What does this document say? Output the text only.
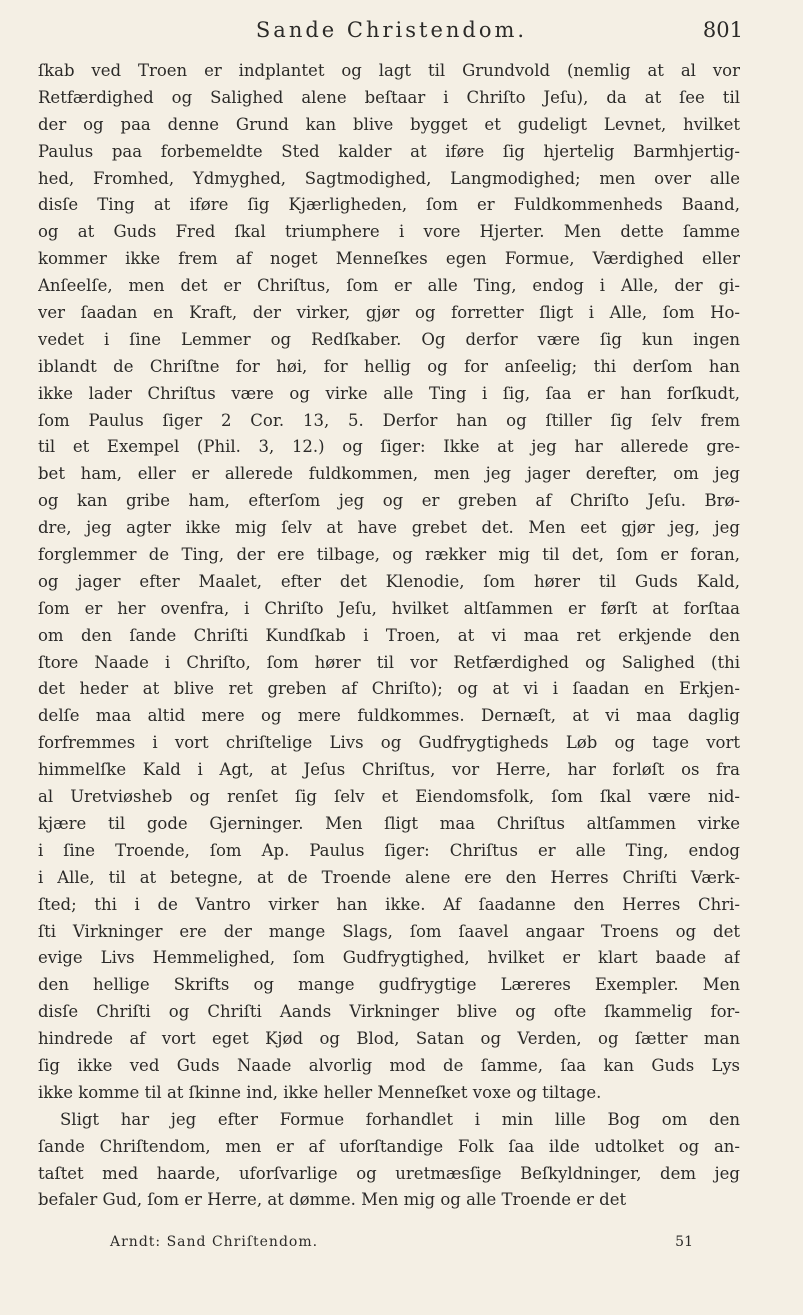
Sande Christendom.	801
ſkab ved Troen er indplantet og lagt til Grundvold (nemlig at al vor
Retfærdighed og Salighed alene beſtaar i Chriſto Jeſu), da at ſee til
der og paa denne Grund kan blive bygget et gudeligt Levnet, hvilket
Paulus paa forbemeldte Sted kalder at iføre ſig hjertelig Barmhjertig-
hed, Fromhed, Ydmyghed, Sagtmodighed, Langmodighed; men over alle
disſe Ting at iføre ſig Kjærligheden, ſom er Fuldkommenheds Baand,
og at Guds Fred ſkal triumphere i vore Hjerter. Men dette ſamme
kommer ikke frem af noget Menneſkes egen Formue, Værdighed eller
Anſeelſe, men det er Chriſtus, ſom er alle Ting, endog i Alle, der gi-
ver ſaadan en Kraft, der virker, gjør og forretter ſligt i Alle, ſom Ho-
vedet i ſine Lemmer og Redſkaber. Og derfor være ſig kun ingen
iblandt de Chriſtne for høi, for hellig og for anſeelig; thi derſom han
ikke lader Chriſtus være og virke alle Ting i ſig, ſaa er han forſkudt,
ſom Paulus ſiger 2 Cor. 13, 5. Derfor han og ſtiller ſig ſelv frem
til et Exempel (Phil. 3, 12.) og ſiger: Ikke at jeg har allerede gre-
bet ham, eller er allerede fuldkommen, men jeg jager derefter, om jeg
og kan gribe ham, efterſom jeg og er greben af Chriſto Jeſu. Brø-
dre, jeg agter ikke mig ſelv at have grebet det. Men eet gjør jeg, jeg
forglemmer de Ting, der ere tilbage, og rækker mig til det, ſom er foran,
og jager efter Maalet, efter det Klenodie, ſom hører til Guds Kald,
ſom er her ovenfra, i Chriſto Jeſu, hvilket altſammen er førſt at forſtaa
om den ſande Chriſti Kundſkab i Troen, at vi maa ret erkjende den
ſtore Naade i Chriſto, ſom hører til vor Retfærdighed og Salighed (thi
det heder at blive ret greben af Chriſto); og at vi i ſaadan en Erkjen-
delſe maa altid mere og mere fuldkommes. Dernæſt, at vi maa daglig
forfremmes i vort chriſtelige Livs og Gudfrygtigheds Løb og tage vort
himmelſke Kald i Agt, at Jeſus Chriſtus, vor Herre, har forløſt os fra
al Uretviøsheb og renſet ſig ſelv et Eiendomsfolk, ſom ſkal være nid-
kjære til gode Gjerninger. Men ſligt maa Chriſtus altſammen virke
i ſine Troende, ſom Ap. Paulus ſiger: Chriſtus er alle Ting, endog
i Alle, til at betegne, at de Troende alene ere den Herres Chriſti Værk-
ſted; thi i de Vantro virker han ikke. Af ſaadanne den Herres Chri-
ſti Virkninger ere der mange Slags, ſom ſaavel angaar Troens og det
evige Livs Hemmelighed, ſom Gudfrygtighed, hvilket er klart baade af
den hellige Skrifts og mange gudfrygtige Læreres Exempler. Men
disſe Chriſti og Chriſti Aands Virkninger blive og ofte ſkammelig for-
hindrede af vort eget Kjød og Blod, Satan og Verden, og ſætter man
ſig ikke ved Guds Naade alvorlig mod de ſamme, ſaa kan Guds Lys
ikke komme til at ſkinne ind, ikke heller Menneſket voxe og tiltage.
Sligt har jeg efter Formue forhandlet i min lille Bog om den
ſande Chriſtendom, men er af uforſtandige Folk ſaa ilde udtolket og an-
taſtet med haarde, uforſvarlige og uretmæsſige Beſkyldninger, dem jeg
befaler Gud, ſom er Herre, at dømme. Men mig og alle Troende er det
Arndt: Sand Chriſtendom.	51
